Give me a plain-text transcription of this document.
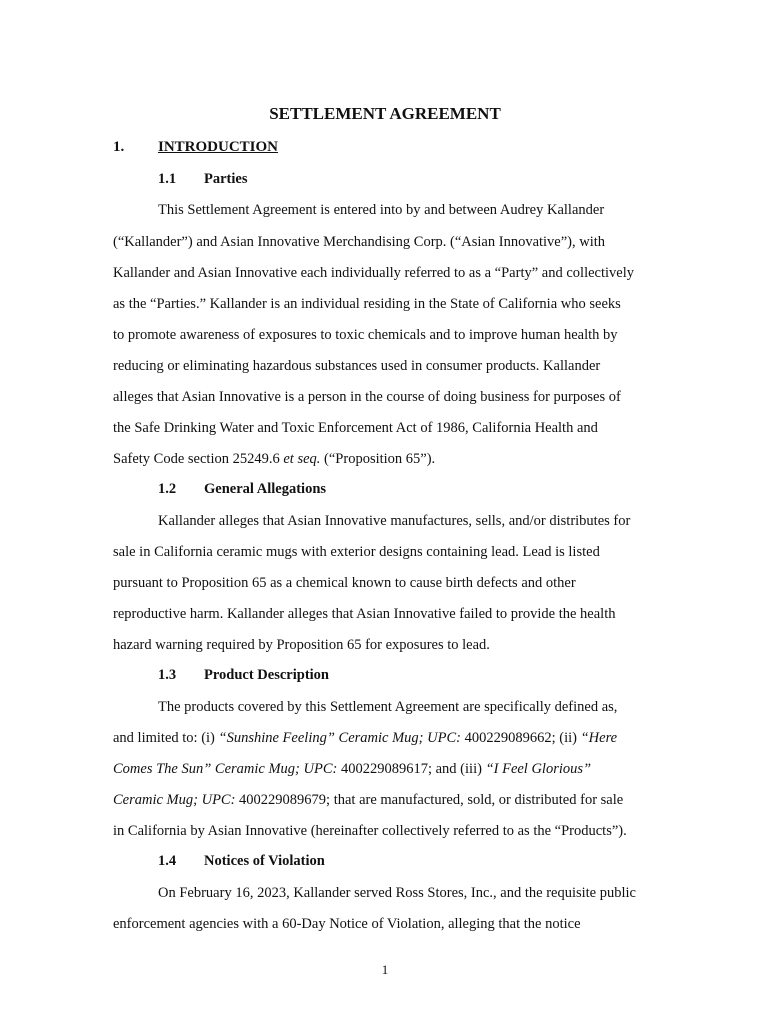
SETTLEMENT AGREEMENT
1. INTRODUCTION
1.1 Parties
This Settlement Agreement is entered into by and between Audrey Kallander
(“Kallander”) and Asian Innovative Merchandising Corp. (“Asian Innovative”), with
Kallander and Asian Innovative each individually referred to as a “Party” and collectively
as the “Parties.” Kallander is an individual residing in the State of California who seeks
to promote awareness of exposures to toxic chemicals and to improve human health by
reducing or eliminating hazardous substances used in consumer products. Kallander
alleges that Asian Innovative is a person in the course of doing business for purposes of
the Safe Drinking Water and Toxic Enforcement Act of 1986, California Health and
Safety Code section 25249.6 et seq. (“Proposition 65”).
1.2 General Allegations
Kallander alleges that Asian Innovative manufactures, sells, and/or distributes for
sale in California ceramic mugs with exterior designs containing lead. Lead is listed
pursuant to Proposition 65 as a chemical known to cause birth defects and other
reproductive harm. Kallander alleges that Asian Innovative failed to provide the health
hazard warning required by Proposition 65 for exposures to lead.
1.3 Product Description
The products covered by this Settlement Agreement are specifically defined as,
and limited to: (i) “Sunshine Feeling” Ceramic Mug; UPC: 400229089662; (ii) “Here
Comes The Sun” Ceramic Mug; UPC: 400229089617; and (iii) “I Feel Glorious”
Ceramic Mug; UPC: 400229089679; that are manufactured, sold, or distributed for sale
in California by Asian Innovative (hereinafter collectively referred to as the “Products”).
1.4 Notices of Violation
On February 16, 2023, Kallander served Ross Stores, Inc., and the requisite public
enforcement agencies with a 60-Day Notice of Violation, alleging that the notice
1
